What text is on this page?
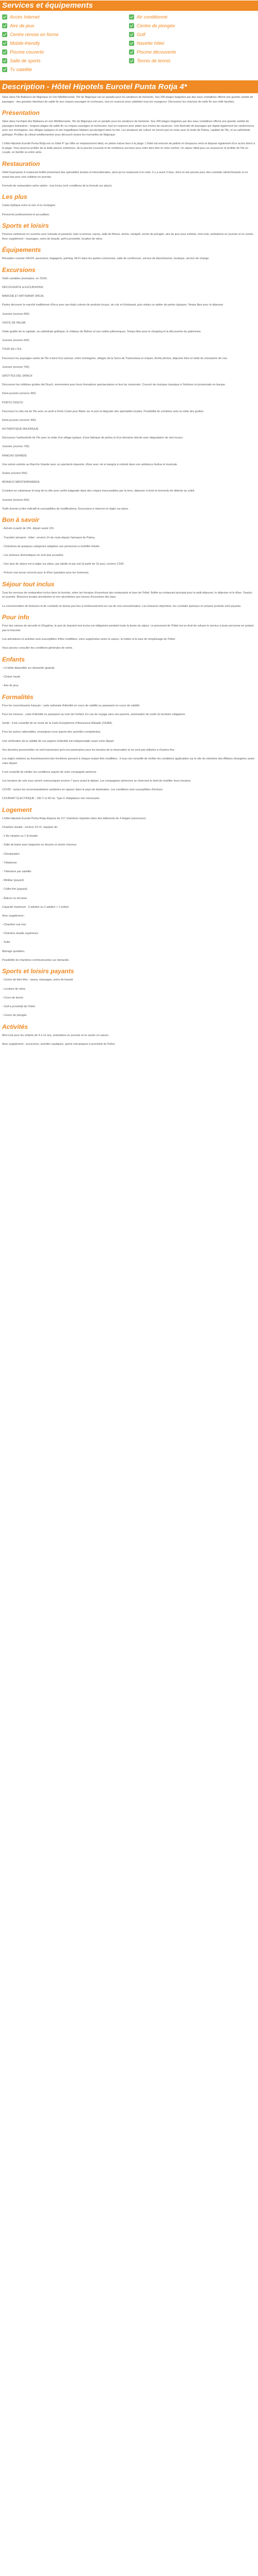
Services et équipements
Accès Internet	Air conditionné
Aire de jeux	Centre de plongée
Centre remise en forme	Golf
Mobile-friendly	Navette hôtel
Piscine couverte	Piscine découverte
Salle de sports	Tennis de tennis
Tv satellite
Description - Hôtel Hipotels Eurotel Punta Rotja 4*

Situé dans l'île Baléares de Majorque en mer Méditerranée, l'île de Majorque est un paradis pour les amateurs de farniente. Ses 300 plages baignées par des eaux cristallines offrent une grande variété de paysages : des grandes étendues de sable fin aux criques sauvages et rocheuses, tout en nuances pour satisfaire tous les voyageurs. Découvrez les charmes de cette île aux mille facettes.

Présentation

Situé dans l'archipel des Baléares en mer Méditerranée, l'île de Majorque est un paradis pour les amateurs de farniente. Ses 300 plages baignées par des eaux cristallines offrent une grande variété de paysages balnéaires : longues plages de sable fin ou criques sauvages et rocheuses, tout en nuances pour plaire aux envies de vacances. Une diversité de paysages qui régale également les randonneurs avec ses montagnes, ses villages typiques et ses magnifiques falaises qui plongent dans la mer. Les amateurs de culture ne seront pas en reste avec la visite de Palma, capitale de l'île, et sa cathédrale gothique. Profitez du climat méditerranéen pour découvrir toutes les merveilles de Majorque.

L'hôtel Hipotels Eurotel Punta Rotja est un hôtel 4* qui offre un emplacement idéal, en pleine nature face à la plage. L'hôtel est entouré de jardins et d'espaces verts et dispose également d'un accès direct à la plage. Vous pourrez profiter de la belle piscine extérieure, de la piscine couverte et de nombreux services pour votre bien-être et votre confort. Un séjour idéal pour se ressourcer et profiter de l'île en couple, en famille ou entre amis.

Restauration

Hôtel Eupropose 4 restaurant buffet présentant des spécialités locales et internationales, ainsi qu'un restaurant à la carte. Il y a aussi 3 bars, dont un bar-piscine pour des cocktails rafraîchissants et un snack-bar pour une collation en journée.

Formule de restauration selon option : tout inclus (voir conditions de la formule sur place).

Les plus

Cadre idyllique entre la mer et la montagne.

Personnel professionnel et accueillant.

Sports et loisirs

Piscines extérieure et couverte avec transats et parasols, bain à remous, sauna, salle de fitness, tennis, minigolf, centre de plongée, aire de jeux pour enfants, mini-club, animations en journée et en soirée. Avec supplément : massages, soins de beauté, golf à proximité, location de vélos.

Équipements

Réception ouverte 24h/24, ascenseur, bagagerie, parking, Wi-Fi dans les parties communes, salle de conférence, service de blanchisserie, boutique, service de change.

Excursions

Tarifs variables (exemples, en 2024) :

DÉCOUVERTE & EXCURSIONS

MARCHÉ ET ARTISANAT (INCA)

Partez découvrir le marché traditionnel d'Inca avec ses étals colorés de produits locaux, de cuir et d'artisanat, puis visitez un atelier de perles typiques. Temps libre pour le déjeuner.

Journée (environ 80€)

VISITE DE PALMA

Visite guidée de la capitale, sa cathédrale gothique, le château de Bellver et ses ruelles pittoresques. Temps libre pour le shopping et la découverte du patrimoine.

Journée (environ 60€)

TOUR DE L'ÎLE

Parcourez les paysages variés de l'île à bord d'un autocar, entre montagnes, villages de la Serra de Tramuntana et criques. Arrêts photos, déjeuner libre et visite du monastère de Lluc.

Journée (environ 75€)

GROTTES DEL DRACH

Découvrez les célèbres grottes del Drach, renommées pour leurs formations spectaculaires et leur lac souterrain. Concert de musique classique à l'intérieur et promenade en barque.

Demi-journée (environ 45€)

PORTO CRISTO

Parcourez la côte est de l'île avec un arrêt à Porto Cristo pour flâner sur le port et déguster des spécialités locales. Possibilité de combiner avec la visite des grottes.

Demi-journée (environ 40€)

AUTHENTIQUE MAJORQUE

Découvrez l'authenticité de l'île avec la visite d'un village typique, d'une fabrique de perles et d'un domaine viticole avec dégustation de vins locaux.

Journée (environ 70€)

RANCHO GRANDE

Une soirée animée au Rancho Grande avec un spectacle équestre, dîner avec vin et sangria à volonté dans une ambiance festive et musicale.

Soirée (environ 55€)

MONACO MÉDITERRANÉEN

Croisière en catamaran le long de la côte avec arrêts baignade dans des criques inaccessibles par la terre, déjeuner à bord et moments de détente au soleil.

Journée (environ 65€)

Tarifs donnés à titre indicatif et susceptibles de modifications. Excursions à réserver et régler sur place.

Bon à savoir

- Arrivée à partir de 15h, départ avant 12h.

- Transfert aéroport - hôtel : environ 1h de route depuis l'aéroport de Palma.

- Chambres de quelques catégories adaptées aux personnes à mobilité réduite.

- Les animaux domestiques ne sont pas acceptés.

- Une taxe de séjour est à régler sur place, par adulte et par nuit (à partir de 16 ans), environ 2,50€.

- Prévoir une tenue correcte pour le dîner (pantalon pour les hommes).

Séjour tout inclus

Tous les services de restauration inclus dans la formule, selon les horaires d'ouverture des restaurants et bars de l'hôtel. Buffet au restaurant principal pour le petit-déjeuner, le déjeuner et le dîner. Snacks en journée. Boissons locales alcoolisées et non alcoolisées aux heures d'ouverture des bars.

La consommation de boissons et de cocktails ne donne pas lieu à remboursement en cas de non-consommation. Les boissons importées, les cocktails spéciaux et certains produits sont payants.

Pour info

Pour des raisons de sécurité et d'hygiène, le port du bracelet tout inclus est obligatoire pendant toute la durée du séjour. Le personnel de l'hôtel est en droit de refuser le service à toute personne ne portant pas le bracelet.

Les animations et activités sont susceptibles d'être modifiées, voire supprimées selon la saison, la météo et le taux de remplissage de l'hôtel.

Vous pouvez consulter les conditions générales de vente.

Enfants

- Lit bébé disponible sur demande (gratuit).

- Chaise haute.

- Aire de jeux.

Formalités

Pour les ressortissants français : carte nationale d'identité en cours de validité ou passeport en cours de validité.

Pour les mineurs : carte d'identité ou passeport au nom de l'enfant. En cas de voyage sans ses parents, autorisation de sortie du territoire obligatoire.

Santé : il est conseillé de se munir de la Carte Européenne d'Assurance Maladie (CEAM).

Pour les autres nationalités, renseignez-vous auprès des autorités compétentes.

Une vérification de la validité de vos papiers d'identité est indispensable avant votre départ.

Vos données personnelles ne sont transmises qu'à nos partenaires pour les besoins de la réservation et ne sont pas utilisées à d'autres fins.

Les règles relatives au franchissement des frontières peuvent à chaque instant être modifiées ; il vous est conseillé de vérifier les conditions applicables sur le site du ministère des Affaires étrangères avant votre départ.

Il est conseillé de vérifier les conditions auprès de votre compagnie aérienne.

Les horaires de vols vous seront communiqués environ 7 jours avant le départ. Les compagnies aériennes se réservent le droit de modifier leurs horaires.

COVID : suivez les recommandations sanitaires en vigueur dans le pays de destination. Les conditions sont susceptibles d'évoluer.

COURANT ÉLECTRIQUE : 230 V et 50 Hz. Type F. Adaptateur non nécessaire.

Logement

L'hôtel Hipotels Eurotel Punta Rotja dispose de 217 chambres réparties dans des bâtiments de 4 étages (ascenseur).

Chambre double : environ 23 m², équipée de :

- 2 lits simples ou 1 lit double

- Salle de bains avec baignoire ou douche et sèche-cheveux

- Climatisation

- Téléphone

- Télévision par satellite

- Minibar (payant)

- Coffre-fort (payant)

- Balcon ou terrasse

Capacité maximum : 3 adultes ou 2 adultes + 1 enfant

Avec supplément :

- Chambre vue mer

- Chambre double supérieure

- Suite

Ménage quotidien.

Possibilité de chambres communicantes sur demande.

Sports et loisirs payants

- Centre de bien-être : sauna, massages, soins de beauté

- Location de vélos

- Cours de tennis

- Golf à proximité de l'hôtel

- Centre de plongée

Activités

Mini-club pour les enfants de 4 à 12 ans, animations en journée et en soirée en saison.

Avec supplément : excursions, activités nautiques, sports mécaniques à proximité de l'hôtel.
